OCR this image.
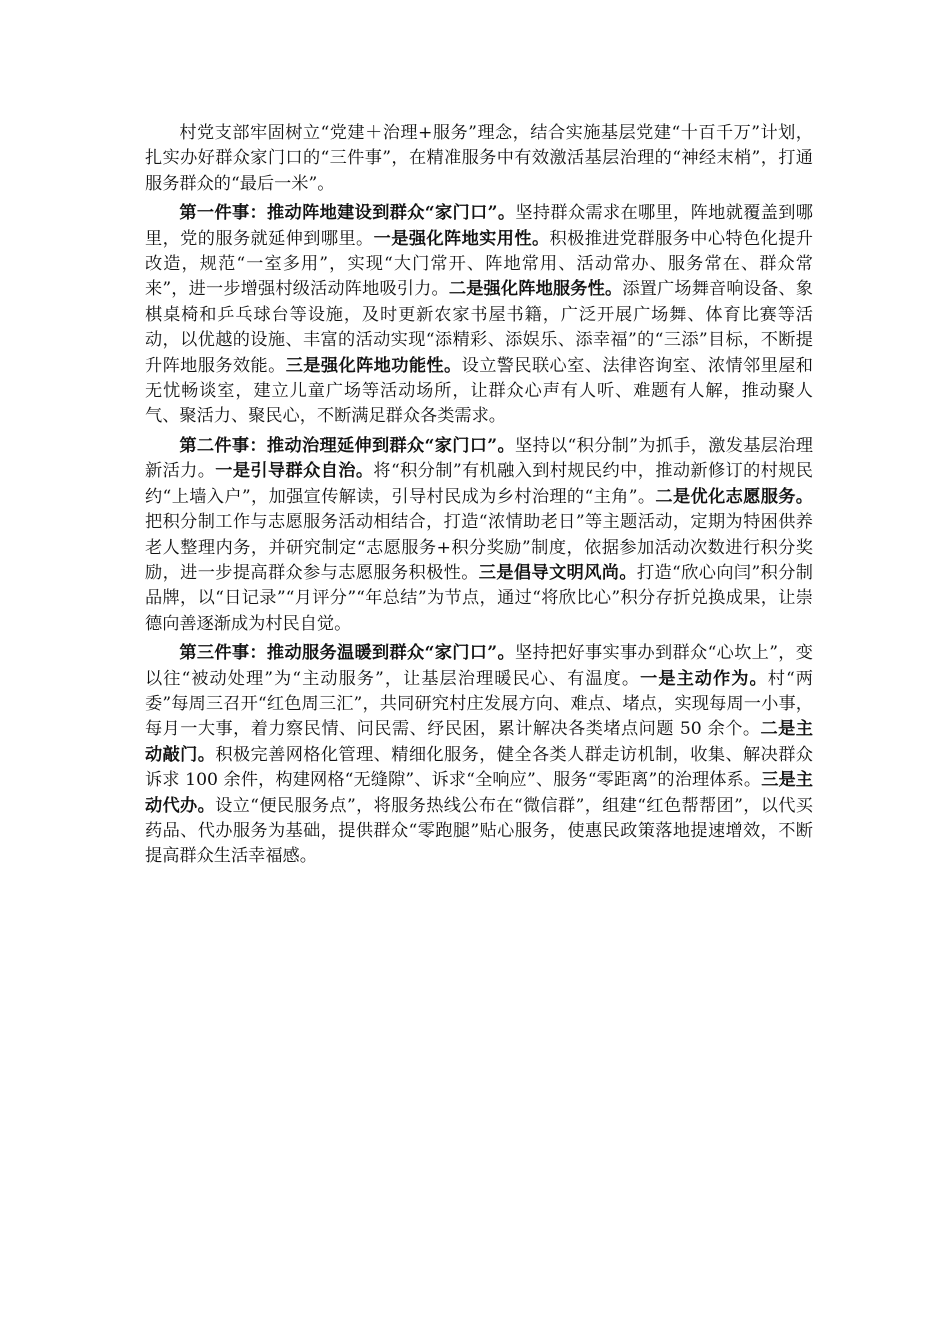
村党支部牢固树立“党建＋治理+服务”理念，结合实施基层党建“十百千万”计划，扎实办好群众家门口的“三件事”，在精准服务中有效激活基层治理的“神经末梢”，打通服务群众的“最后一米”。

第一件事：推动阵地建设到群众“家门口”。坚持群众需求在哪里，阵地就覆盖到哪里，党的服务就延伸到哪里。一是强化阵地实用性。积极推进党群服务中心特色化提升改造，规范“一室多用”，实现“大门常开、阵地常用、活动常办、服务常在、群众常来”，进一步增强村级活动阵地吸引力。二是强化阵地服务性。添置广场舞音响设备、象棋桌椅和乒乓球台等设施，及时更新农家书屋书籍，广泛开展广场舞、体育比赛等活动，以优越的设施、丰富的活动实现“添精彩、添娱乐、添幸福”的“三添”目标，不断提升阵地服务效能。三是强化阵地功能性。设立警民联心室、法律咨询室、浓情邻里屋和无忧畅谈室，建立儿童广场等活动场所，让群众心声有人听、难题有人解，推动聚人气、聚活力、聚民心，不断满足群众各类需求。

第二件事：推动治理延伸到群众“家门口”。坚持以“积分制”为抓手，激发基层治理新活力。一是引导群众自治。将“积分制”有机融入到村规民约中，推动新修订的村规民约“上墙入户”，加强宣传解读，引导村民成为乡村治理的“主角”。二是优化志愿服务。把积分制工作与志愿服务活动相结合，打造“浓情助老日”等主题活动，定期为特困供养老人整理内务，并研究制定“志愿服务+积分奖励”制度，依据参加活动次数进行积分奖励，进一步提高群众参与志愿服务积极性。三是倡导文明风尚。打造“欣心向闫”积分制品牌，以“日记录”“月评分”“年总结”为节点，通过“将欣比心”积分存折兑换成果，让崇德向善逐渐成为村民自觉。

第三件事：推动服务温暖到群众“家门口”。坚持把好事实事办到群众“心坎上”，变以往“被动处理”为“主动服务”，让基层治理暖民心、有温度。一是主动作为。村“两委”每周三召开“红色周三汇”，共同研究村庄发展方向、难点、堵点，实现每周一小事，每月一大事，着力察民情、问民需、纾民困，累计解决各类堵点问题 50 余个。二是主动敲门。积极完善网格化管理、精细化服务，健全各类人群走访机制，收集、解决群众诉求 100 余件，构建网格“无缝隙”、诉求“全响应”、服务“零距离”的治理体系。三是主动代办。设立“便民服务点”，将服务热线公布在“微信群”，组建“红色帮帮团”，以代买药品、代办服务为基础，提供群众“零跑腿”贴心服务，使惠民政策落地提速增效，不断提高群众生活幸福感。
